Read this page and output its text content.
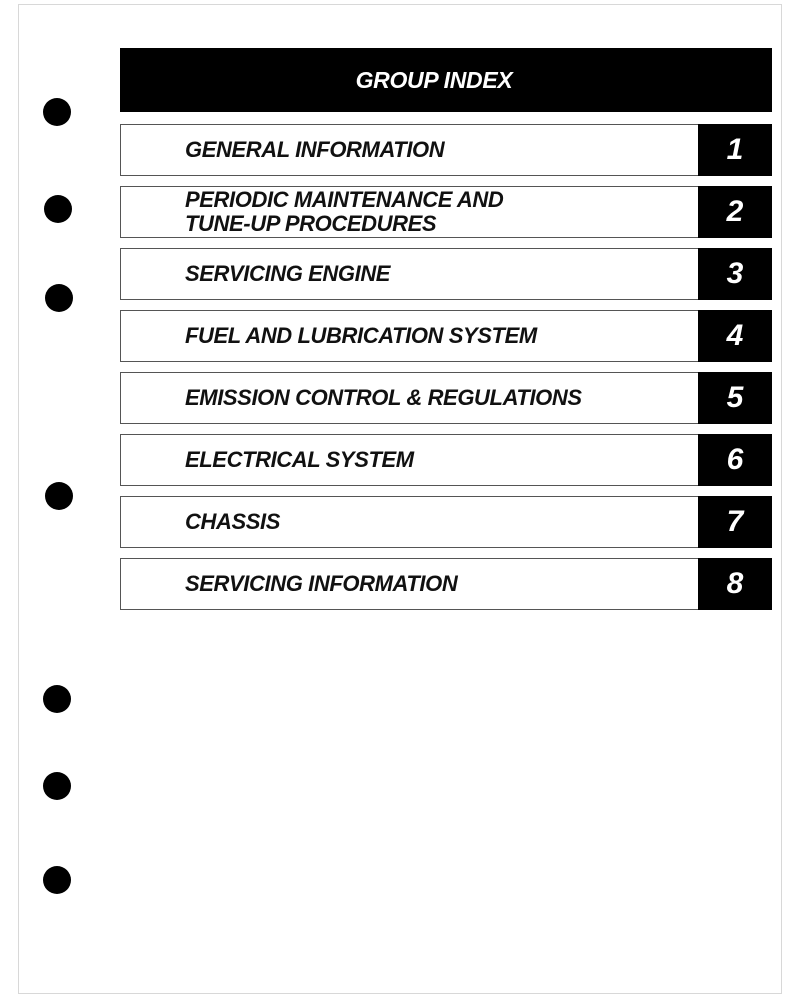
GROUP INDEX
GENERAL INFORMATION	1
PERIODIC MAINTENANCE AND
TUNE-UP PROCEDURES	2
SERVICING ENGINE	3
FUEL AND LUBRICATION SYSTEM	4
EMISSION CONTROL & REGULATIONS	5
ELECTRICAL SYSTEM	6
CHASSIS	7
SERVICING INFORMATION	8
